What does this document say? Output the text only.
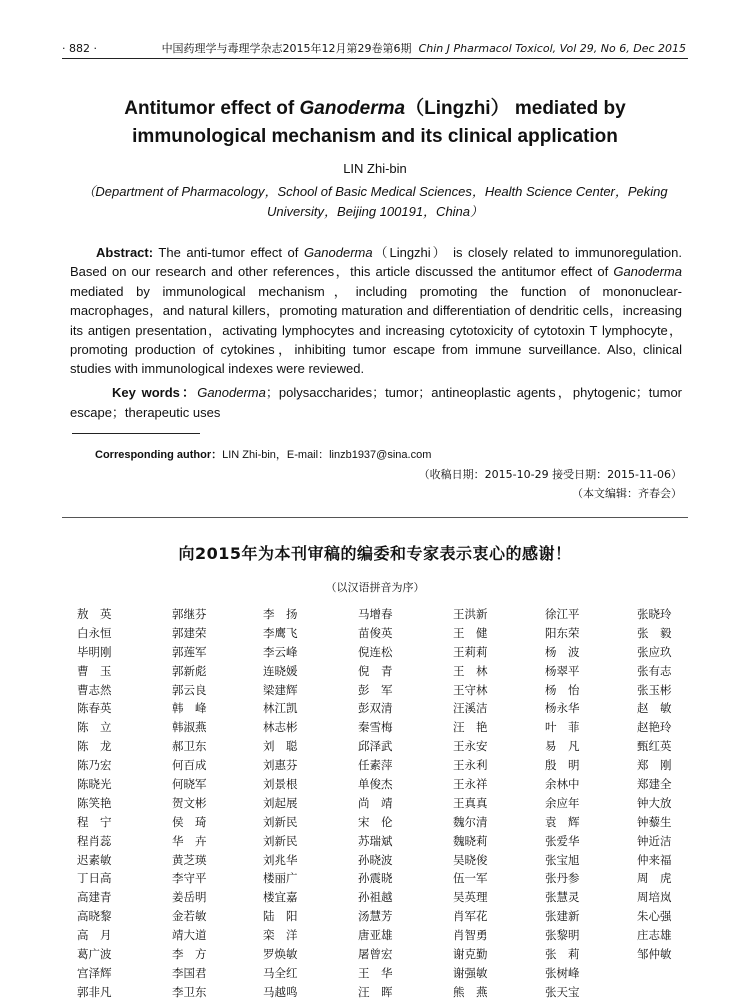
· 882 ·	中国药理学与毒理学杂志2015年12月第29卷第6期 Chin J Pharmacol Toxicol, Vol 29, No 6, Dec 2015
Antitumor effect of Ganoderma（Lingzhi） mediated by immunological mechanism and its clinical application
LIN Zhi-bin
（Department of Pharmacology，School of Basic Medical Sciences，Health Science Center，Peking University，Beijing 100191，China）

Abstract: The anti-tumor effect of Ganoderma（Lingzhi） is closely related to immunoregulation. Based on our research and other references，this article discussed the antitumor effect of Ganoderma mediated by immunological mechanism，including promoting the function of mononuclear- macrophages，and natural killers，promoting maturation and differentiation of dendritic cells，increasing its antigen presentation，activating lymphocytes and increasing cytotoxicity of cytotoxin T lymphocyte，promoting production of cytokines，inhibiting tumor escape from immune surveillance. Also, clinical studies with immunological indexes were reviewed.

Key words：Ganoderma；polysaccharides；tumor；antineoplastic agents，phytogenic；tumor escape；therapeutic uses

Corresponding author：LIN Zhi-bin，E-mail：linzb1937@sina.com
（收稿日期：2015-10-29 接受日期：2015-11-06）
（本文编辑：齐春会）
向2015年为本刊审稿的编委和专家表示衷心的感谢！
（以汉语拼音为序）
敖　英
白永恒
毕明刚
曹　玉
曹志然
陈春英
陈　立
陈　龙
陈乃宏
陈晓光
陈笑艳
程　宁
程肖蕊
迟素敏
丁日高
高建青
高晓黎
高　月
葛广波
宫泽辉
郭非凡
郭继芬
郭建荣
郭莲军
郭新彪
郭云良
韩　峰
韩淑燕
郝卫东
何百成
何晓军
贺文彬
侯　琦
华　卉
黄芝瑛
李守平
姜岳明
金若敏
靖大道
李　方
李国君
李卫东
李　扬
李鹰飞
李云峰
连晓媛
梁建辉
林江凯
林志彬
刘　聪
刘惠芬
刘景根
刘起展
刘新民
刘新民
刘兆华
楼丽广
楼宜嘉
陆　阳
栾　洋
罗焕敏
马全红
马越鸣
马增春
苗俊英
倪连松
倪　青
彭　军
彭双清
秦雪梅
邱泽武
任素萍
单俊杰
尚　靖
宋　伦
苏瑞斌
孙晓波
孙震晓
孙祖越
汤慧芳
唐亚雄
屠曾宏
王　华
汪　晖
王洪新
王　健
王莉莉
王　林
王守林
汪溪洁
汪　艳
王永安
王永利
王永祥
王真真
魏尔清
魏晓莉
吴晓俊
伍一军
吴英理
肖军花
肖智勇
谢克勤
谢强敏
熊　燕
徐江平
阳东荣
杨　波
杨翠平
杨　怡
杨永华
叶　菲
易　凡
殷　明
余林中
余应年
袁　辉
张爱华
张宝旭
张丹参
张慧灵
张建新
张黎明
张　莉
张树峰
张天宝
张晓玲
张　毅
张应玖
张有志
张玉彬
赵　敏
赵艳玲
甄红英
郑　刚
郑建全
钟大放
钟藜生
钟近洁
仲来福
周　虎
周培岚
朱心强
庄志雄
邹仲敏
